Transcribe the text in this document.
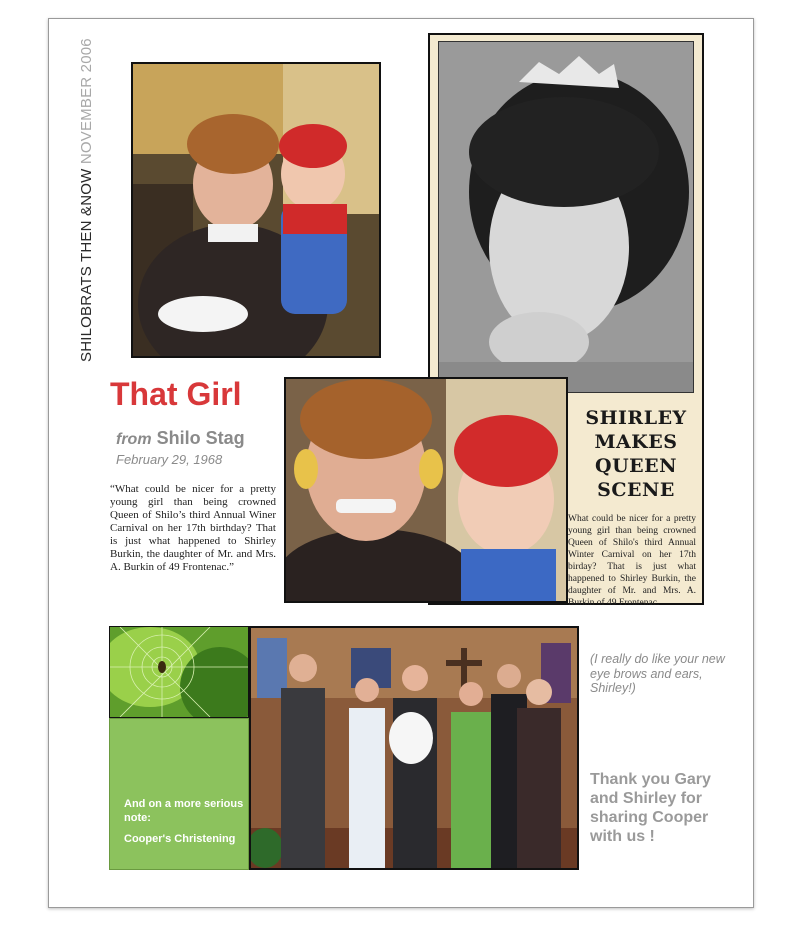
SHILOBRATS THEN &NOW NOVEMBER 2006
SHIRLEY
MAKES
QUEEN
SCENE
What could be nicer for a pretty young girl than being crowned Queen of Shilo's third Annual Winter Carnival on her 17th birday? That is just what happened to Shirley Burkin, the daughter of Mr. and Mrs. A. Burkin of 49 Frontenac.
That Girl
from Shilo Stag
February 29, 1968
“What could be nicer for a pretty young girl than being crowned Queen of Shilo’s third Annual Winer Carnival on her 17th birthday? That is just what happened to Shirley Burkin, the daughter of Mr. and Mrs. A. Burkin of 49 Frontenac.”
And on a more serious note:
Cooper's Christening
(I really do like your new eye brows and ears, Shirley!)
Thank you Gary and Shirley for sharing Cooper with us !
